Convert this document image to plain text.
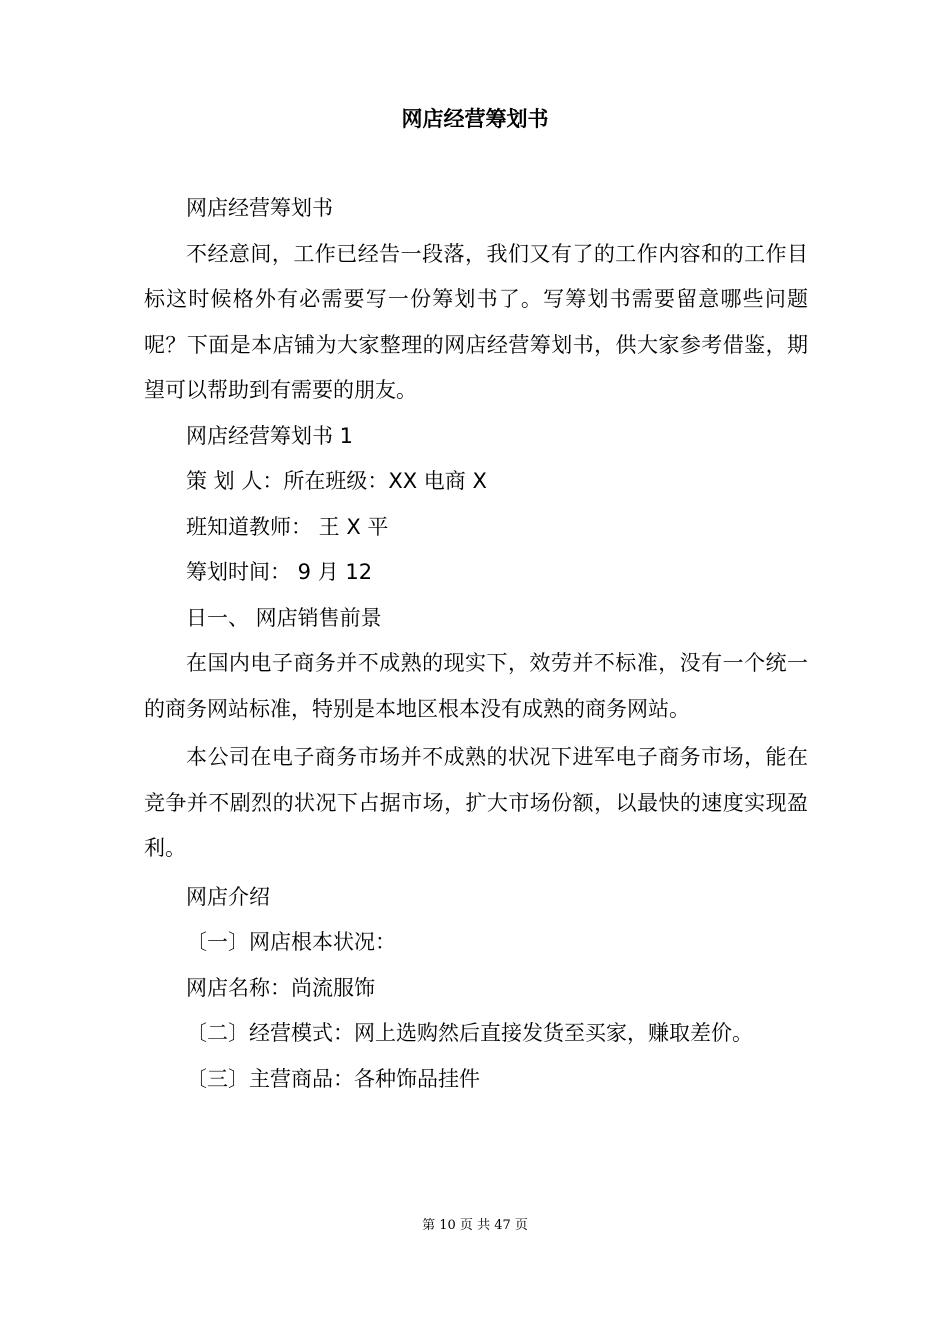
网店经营筹划书

网店经营筹划书

不经意间，工作已经告一段落，我们又有了的工作内容和的工作目标这时候格外有必需要写一份筹划书了。写筹划书需要留意哪些问题呢？下面是本店铺为大家整理的网店经营筹划书，供大家参考借鉴，期望可以帮助到有需要的朋友。

网店经营筹划书 1

策 划 人：所在班级：XX 电商 X

班知道教师： 王 X 平

筹划时间： 9 月 12

日一、 网店销售前景

在国内电子商务并不成熟的现实下，效劳并不标准，没有一个统一的商务网站标准，特别是本地区根本没有成熟的商务网站。

本公司在电子商务市场并不成熟的状况下进军电子商务市场，能在竞争并不剧烈的状况下占据市场，扩大市场份额，以最快的速度实现盈利。

网店介绍

〔一〕网店根本状况：

网店名称：尚流服饰

〔二〕经营模式：网上选购然后直接发货至买家，赚取差价。

〔三〕主营商品：各种饰品挂件

第 10 页 共 47 页
